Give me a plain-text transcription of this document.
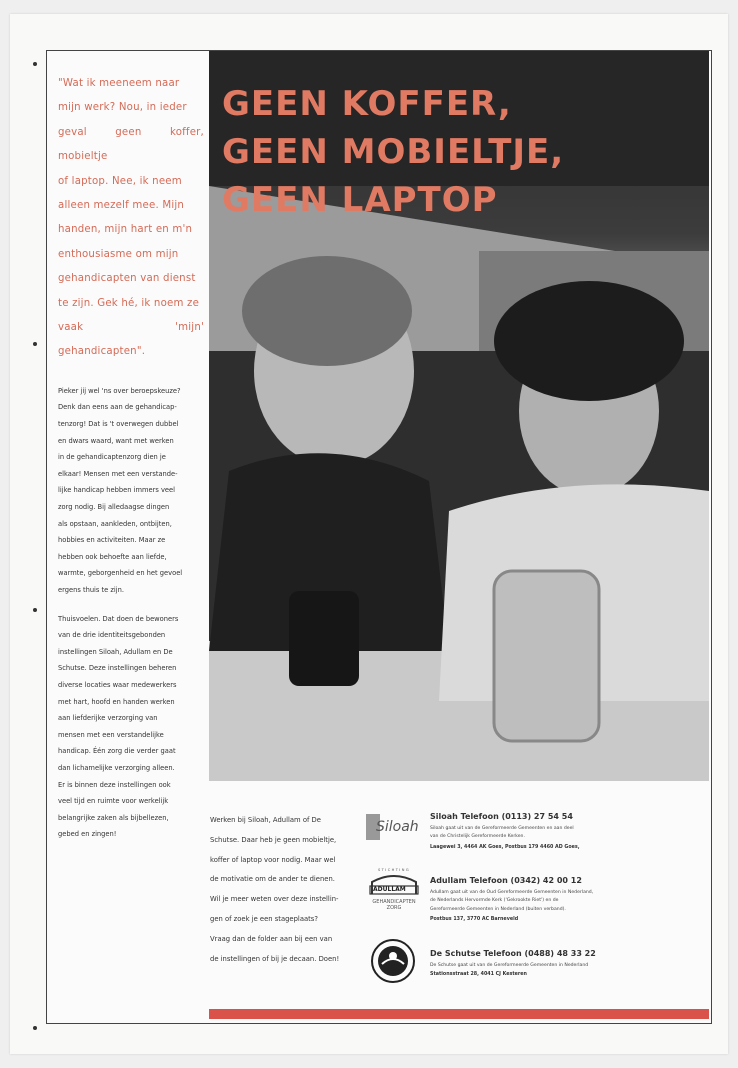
GEEN KOFFER,
GEEN MOBIELTJE,
GEEN LAPTOP

"Wat ik meeneem naar

mijn werk? Nou, in ieder

geval geen koffer, mobieltje

of laptop. Nee, ik neem

alleen mezelf mee. Mijn

handen, mijn hart en m'n

enthousiasme om mijn

gehandicapten van dienst

te zijn. Gek hé, ik noem ze

vaak 'mijn' gehandicapten".

Pieker jij wel 'ns over beroepskeuze?

Denk dan eens aan de gehandicap-

tenzorg! Dat is 't overwegen dubbel

en dwars waard, want met werken

in de gehandicaptenzorg dien je

elkaar! Mensen met een verstande-

lijke handicap hebben immers veel

zorg nodig. Bij alledaagse dingen

als opstaan, aankleden, ontbijten,

hobbies en activiteiten. Maar ze

hebben ook behoefte aan liefde,

warmte, geborgenheid en het gevoel

ergens thuis te zijn.

Thuisvoelen. Dat doen de bewoners

van de drie identiteitsgebonden

instellingen Siloah, Adullam en De

Schutse. Deze instellingen beheren

diverse locaties waar medewerkers

met hart, hoofd en handen werken

aan liefderijke verzorging van

mensen met een verstandelijke

handicap. Één zorg die verder gaat

dan lichamelijke verzorging alleen.

Er is binnen deze instellingen ook

veel tijd en ruimte voor werkelijk

belangrijke zaken als bijbellezen,

gebed en zingen!

Werken bij Siloah, Adullam of De

Schutse. Daar heb je geen mobieltje,

koffer of laptop voor nodig. Maar wel

de motivatie om de ander te dienen.

Wil je meer weten over deze instellin-

gen of zoek je een stageplaats?

Vraag dan de folder aan bij een van

de instellingen of bij je decaan. Doen!

Siloah
STICHTING
ADULLAM
GEHANDICAPTEN
ZORG
Siloah Telefoon (0113) 27 54 54
Siloah gaat uit van de Gereformeerde Gemeenten en aan deel
van de Christelijk Gereformeerde Kerken.
Laagewei 3, 4464 AK Goes, Postbus 179 4460 AD Goes,
Adullam Telefoon (0342) 42 00 12
Adullam gaat uit van de Oud Gereformeerde Gemeenten in Nederland,
de Nederlands Hervormde Kerk ('Gekrookte Riet') en de
Gereformeerde Gemeenten in Nederland (buiten verband).
Postbus 137, 3770 AC Barneveld
De Schutse Telefoon (0488) 48 33 22
De Schutse gaat uit van de Gereformeerde Gemeenten in Nederland
Stationsstraat 28, 4041 CJ Kesteren
